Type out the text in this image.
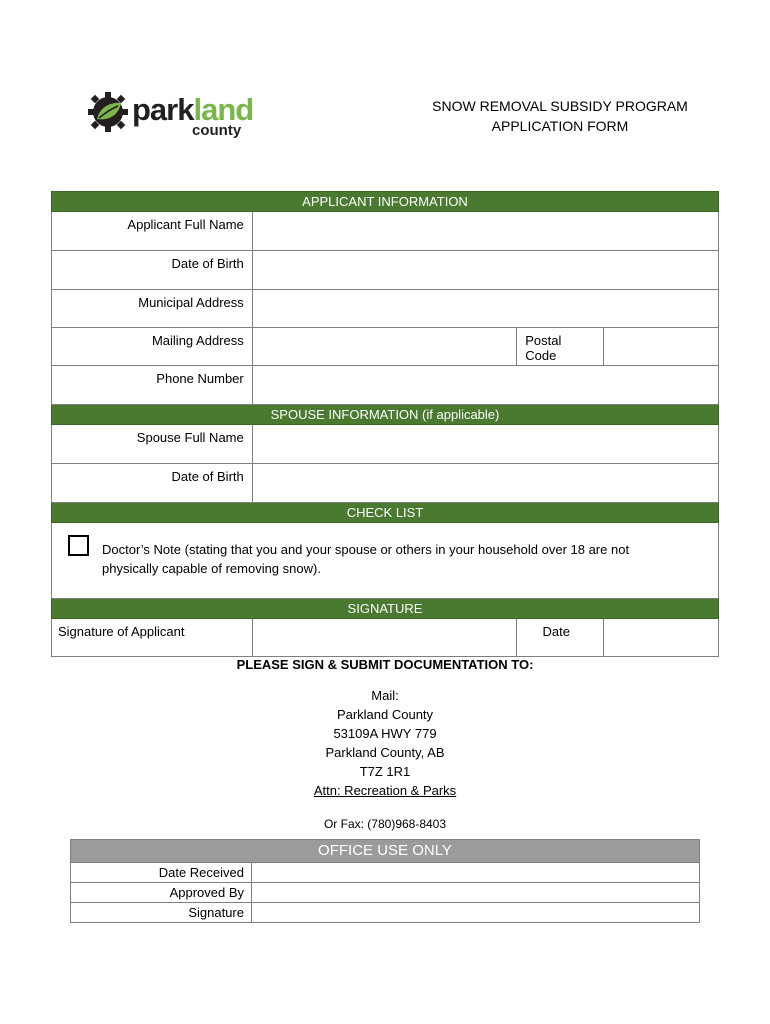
parkland
county
SNOW REMOVAL SUBSIDY PROGRAM
APPLICATION FORM
APPLICANT INFORMATION			
Applicant Full Name			
Date of Birth			
Municipal Address			
Mailing Address		Postal Code	
Phone Number			
SPOUSE INFORMATION (if applicable)			
Spouse Full Name			
Date of Birth			
CHECK LIST			

SIGNATURE			
Signature of Applicant		Date	
Doctor’s Note (stating that you and your spouse or others in your household over 18 are not
physically capable of removing snow).
PLEASE SIGN & SUBMIT DOCUMENTATION TO:
Mail:
Parkland County
53109A HWY 779
Parkland County, AB
T7Z 1R1
Attn: Recreation & Parks
Or Fax: (780)968-8403
OFFICE USE ONLY	
Date Received	
Approved By	
Signature	
